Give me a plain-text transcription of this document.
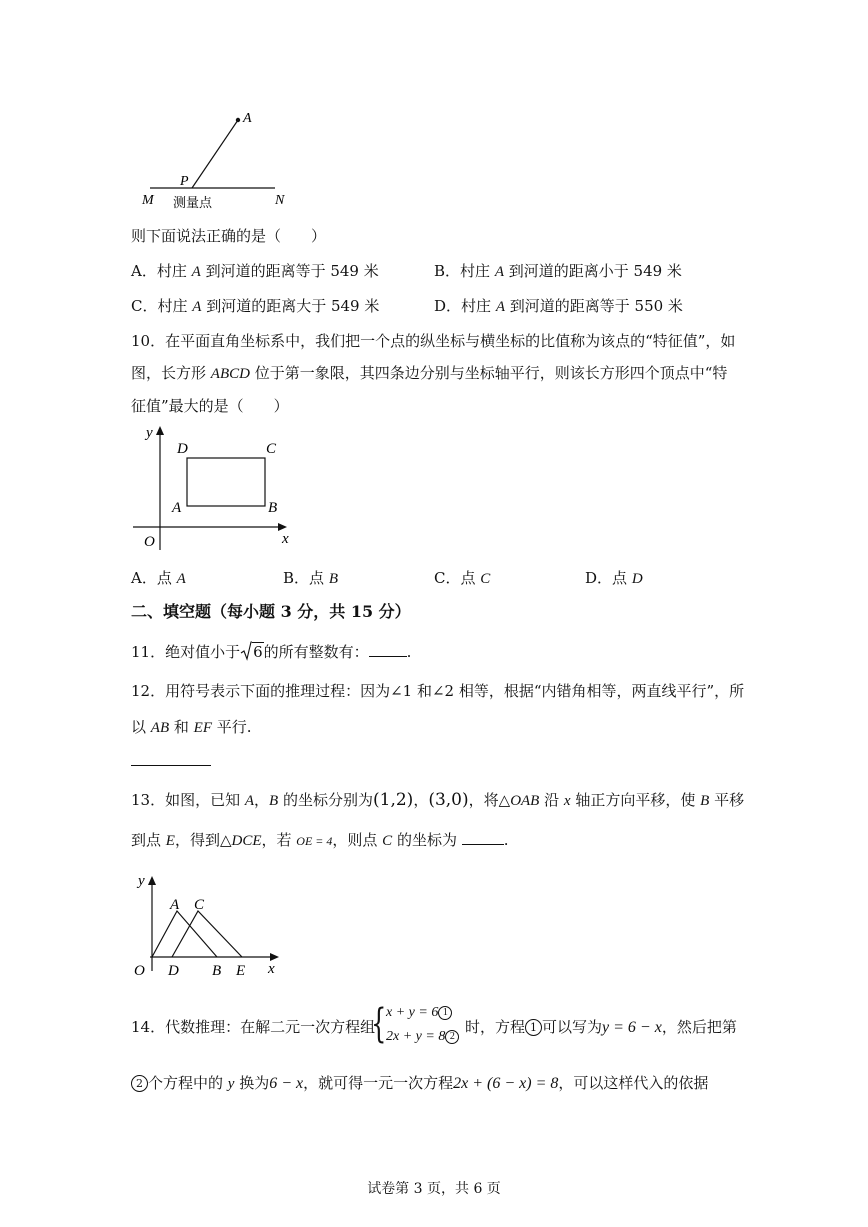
A
P
M	N
测量点
则下面说法正确的是（　　）
A．村庄 A 到河道的距离等于 549 米	B．村庄 A 到河道的距离小于 549 米
C．村庄 A 到河道的距离大于 549 米	D．村庄 A 到河道的距离等于 550 米
10．在平面直角坐标系中，我们把一个点的纵坐标与横坐标的比值称为该点的“特征值”，如
图，长方形 ABCD 位于第一象限，其四条边分别与坐标轴平行，则该长方形四个顶点中“特
征值”最大的是（　　）
y
x
O
D	C
A	B
A．点 A	B．点 B	C．点 C	D．点 D
二、填空题（每小题 3 分，共 15 分）
11．绝对值小于 6的所有整数有：	.
12．用符号表示下面的推理过程：因为∠1 和∠2 相等，根据“内错角相等，两直线平行”，所
以 AB 和 EF 平行.
13．如图，已知 A，B 的坐标分别为(1,2)，(3,0)，将△OAB 沿 x 轴正方向平移，使 B 平移
到点 E，得到△DCE，若 OE = 4，则点 C 的坐标为	.
y
x
O
A C
D B E
14．代数推理：在解二元一次方程组
{ x + y = 6 1
2x + y = 8 2
时，方程 1 可以写为y = 6 − x，然后把第
2 个方程中的 y 换为6 − x，就可得一元一次方程2x + (6 − x) = 8，可以这样代入的依据
试卷第 3 页，共 6 页
